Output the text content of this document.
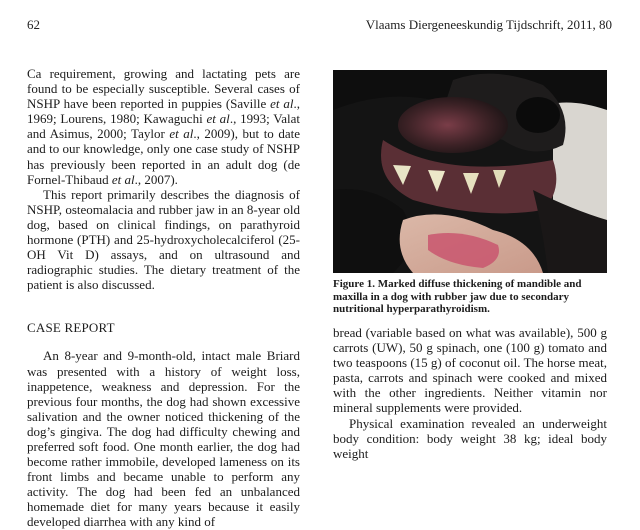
62	Vlaams Diergeneeskundig Tijdschrift, 2011, 80

Ca requirement, growing and lactating pets are found to be especially susceptible. Several cases of NSHP have been reported in puppies (Saville et al., 1969; Lourens, 1980; Kawaguchi et al., 1993; Valat and Asimus, 2000; Taylor et al., 2009), but to date and to our knowledge, only one case study of NSHP has previously been reported in an adult dog (de Fornel-Thibaud et al., 2007).

This report primarily describes the diagnosis of NSHP, osteomalacia and rubber jaw in an 8-year old dog, based on clinical findings, on parathyroid hormone (PTH) and 25-hydroxycholecalciferol (25-OH Vit D) assays, and on ultrasound and radiographic studies. The dietary treatment of the patient is also discussed.

CASE REPORT

An 8-year and 9-month-old, intact male Briard was presented with a history of weight loss, inappetence, weakness and depression. For the previous four months, the dog had shown excessive salivation and the owner noticed thickening of the dog’s gingiva. The dog had difficulty chewing and preferred soft food. One month earlier, the dog had become rather immobile, developed lameness on its front limbs and became unable to perform any activity. The dog had been fed an unbalanced homemade diet for many years because it easily developed diarrhea with any kind of

Figure 1. Marked diffuse thickening of mandible and maxilla in a dog with rubber jaw due to secondary nutritional hyperparathyroidism.

bread (variable based on what was available), 500 g carrots (UW), 50 g spinach, one (100 g) tomato and two teaspoons (15 g) of coconut oil. The horse meat, pasta, carrots and spinach were cooked and mixed with the other ingredients. Neither vitamin nor mineral supplements were provided.

Physical examination revealed an underweight body condition: body weight 38 kg; ideal body weight
